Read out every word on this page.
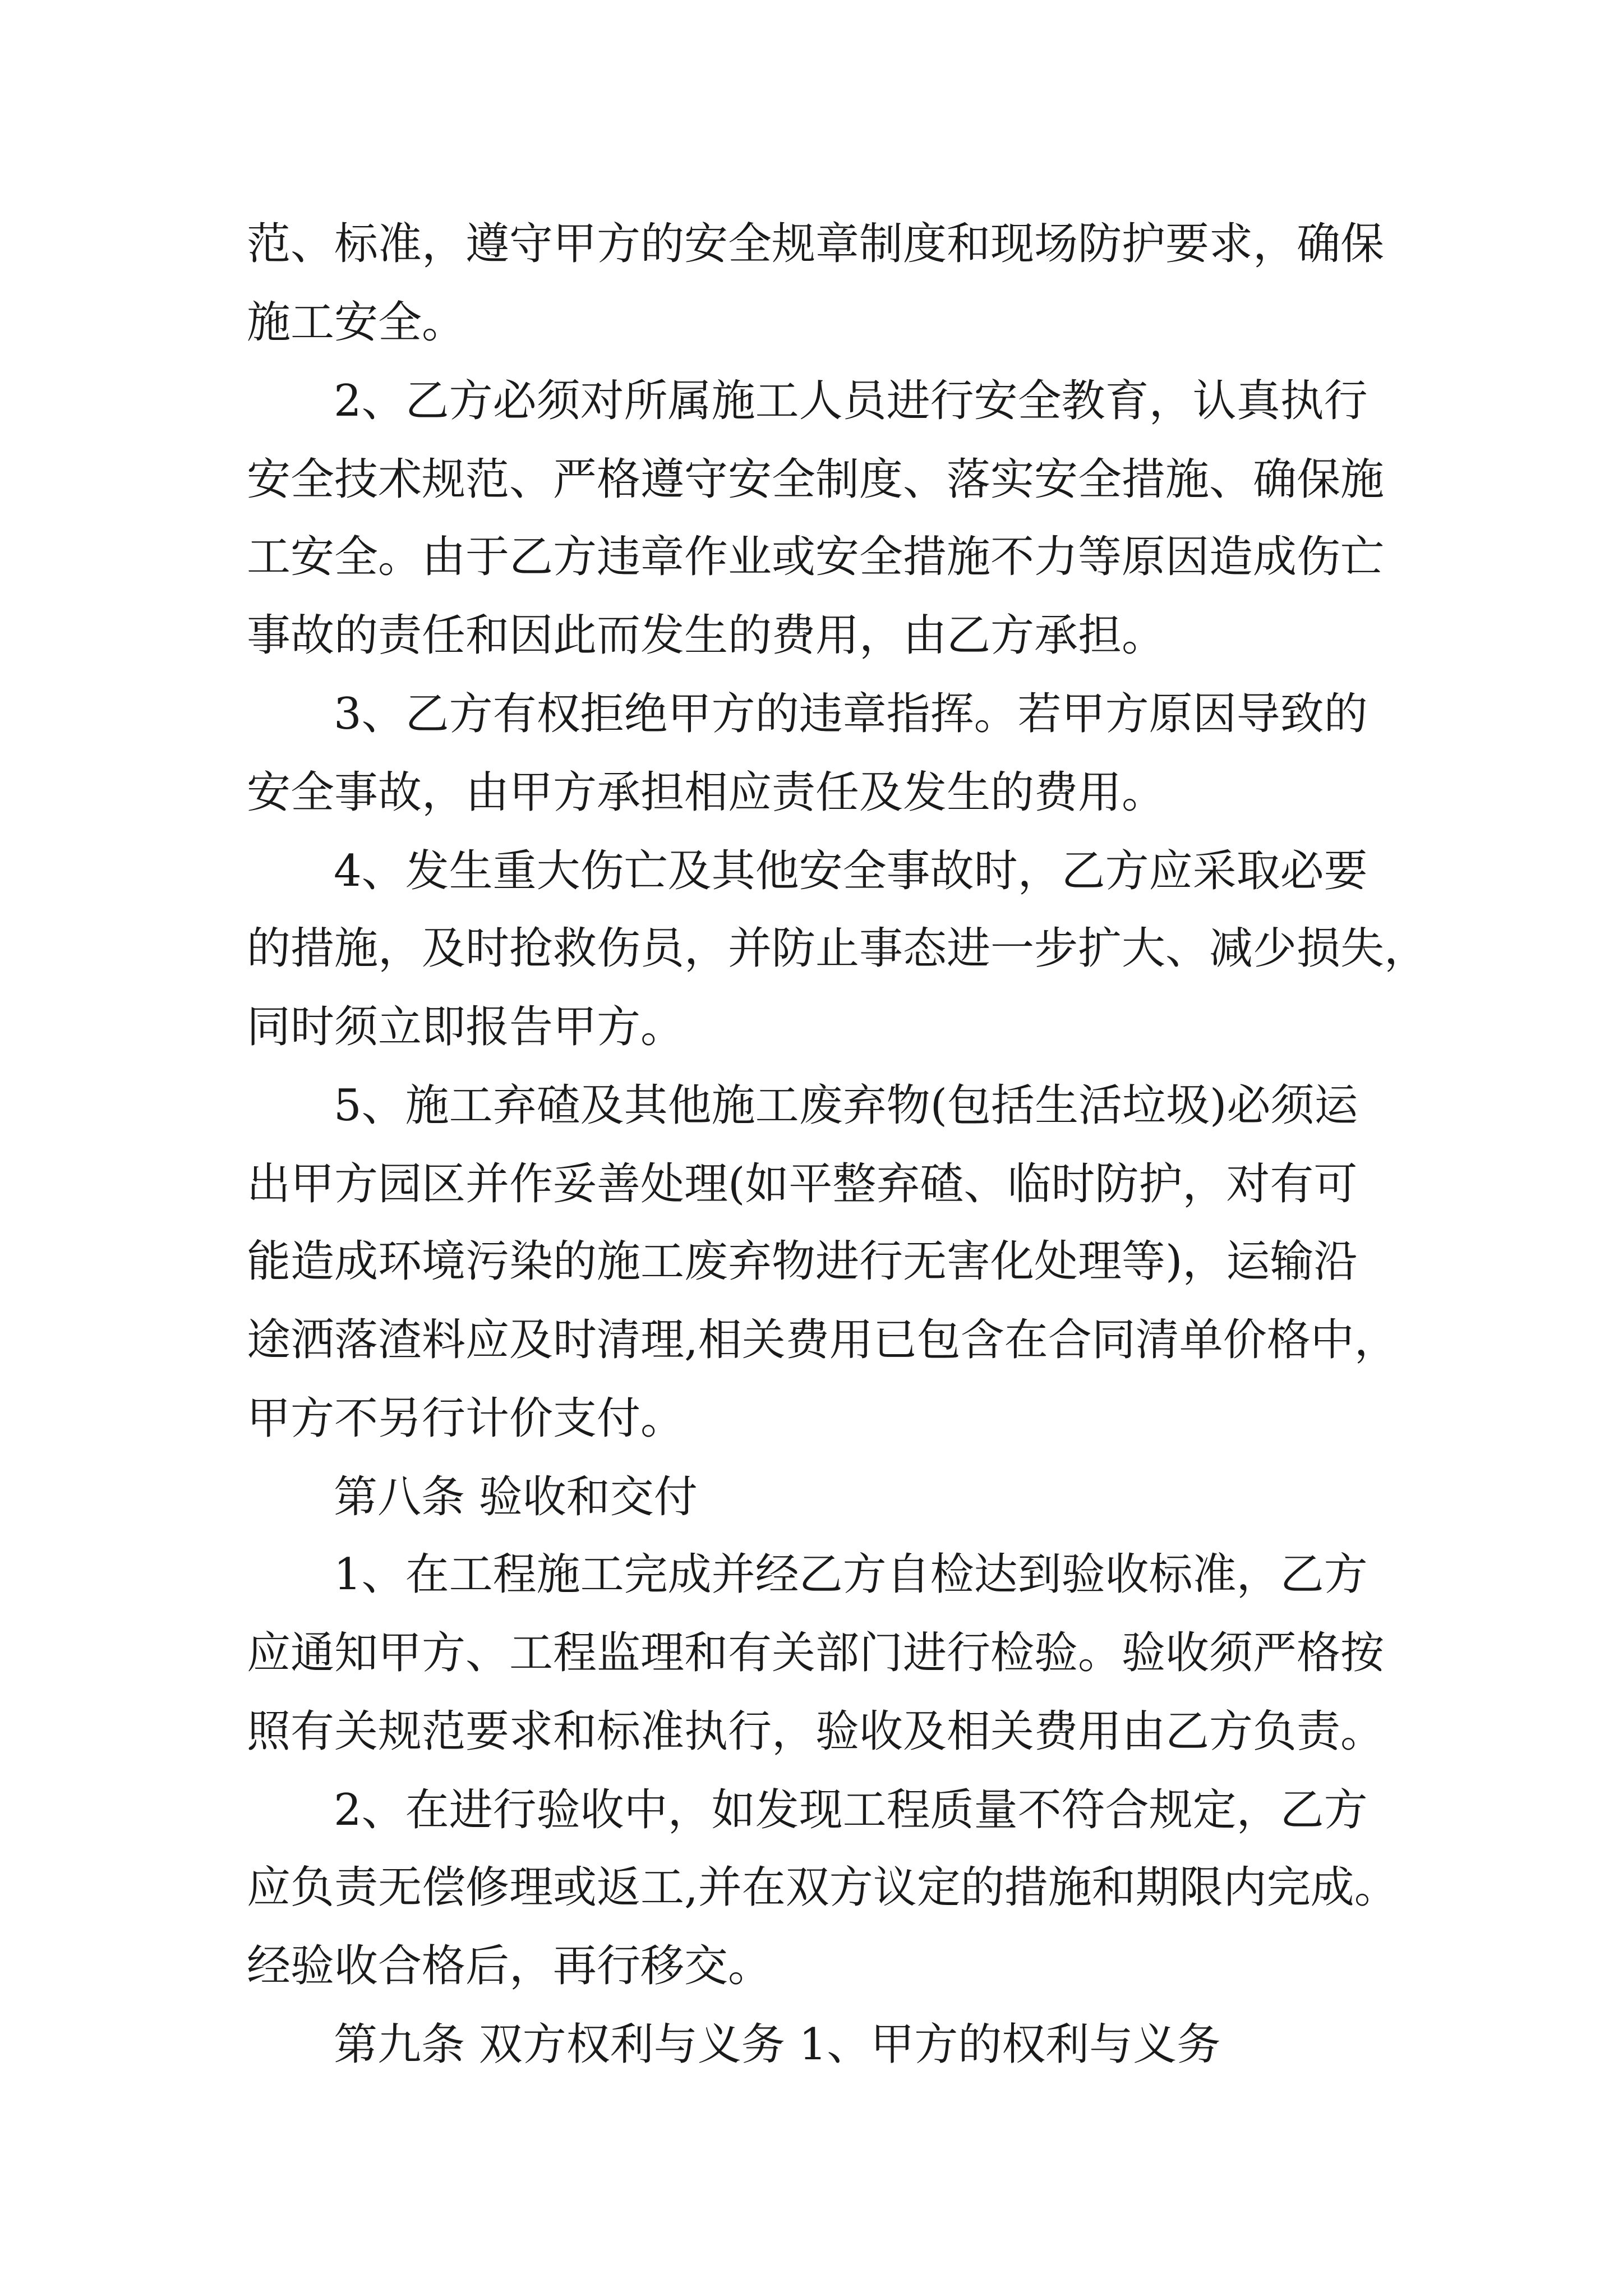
范、标准，遵守甲方的安全规章制度和现场防护要求，确保
施工安全。
2、乙方必须对所属施工人员进行安全教育，认真执行
安全技术规范、严格遵守安全制度、落实安全措施、确保施
工安全。由于乙方违章作业或安全措施不力等原因造成伤亡
事故的责任和因此而发生的费用，由乙方承担。
3、乙方有权拒绝甲方的违章指挥。若甲方原因导致的
安全事故，由甲方承担相应责任及发生的费用。
4、发生重大伤亡及其他安全事故时，乙方应采取必要
的措施，及时抢救伤员，并防止事态进一步扩大、减少损失，
同时须立即报告甲方。
5、施工弃碴及其他施工废弃物(包括生活垃圾)必须运
出甲方园区并作妥善处理(如平整弃碴、临时防护，对有可
能造成环境污染的施工废弃物进行无害化处理等)，运输沿
途洒落渣料应及时清理,相关费用已包含在合同清单价格中，
甲方不另行计价支付。
第八条 验收和交付
1、在工程施工完成并经乙方自检达到验收标准，乙方
应通知甲方、工程监理和有关部门进行检验。验收须严格按
照有关规范要求和标准执行，验收及相关费用由乙方负责。
2、在进行验收中，如发现工程质量不符合规定，乙方
应负责无偿修理或返工,并在双方议定的措施和期限内完成。
经验收合格后，再行移交。
第九条 双方权利与义务 1、甲方的权利与义务
